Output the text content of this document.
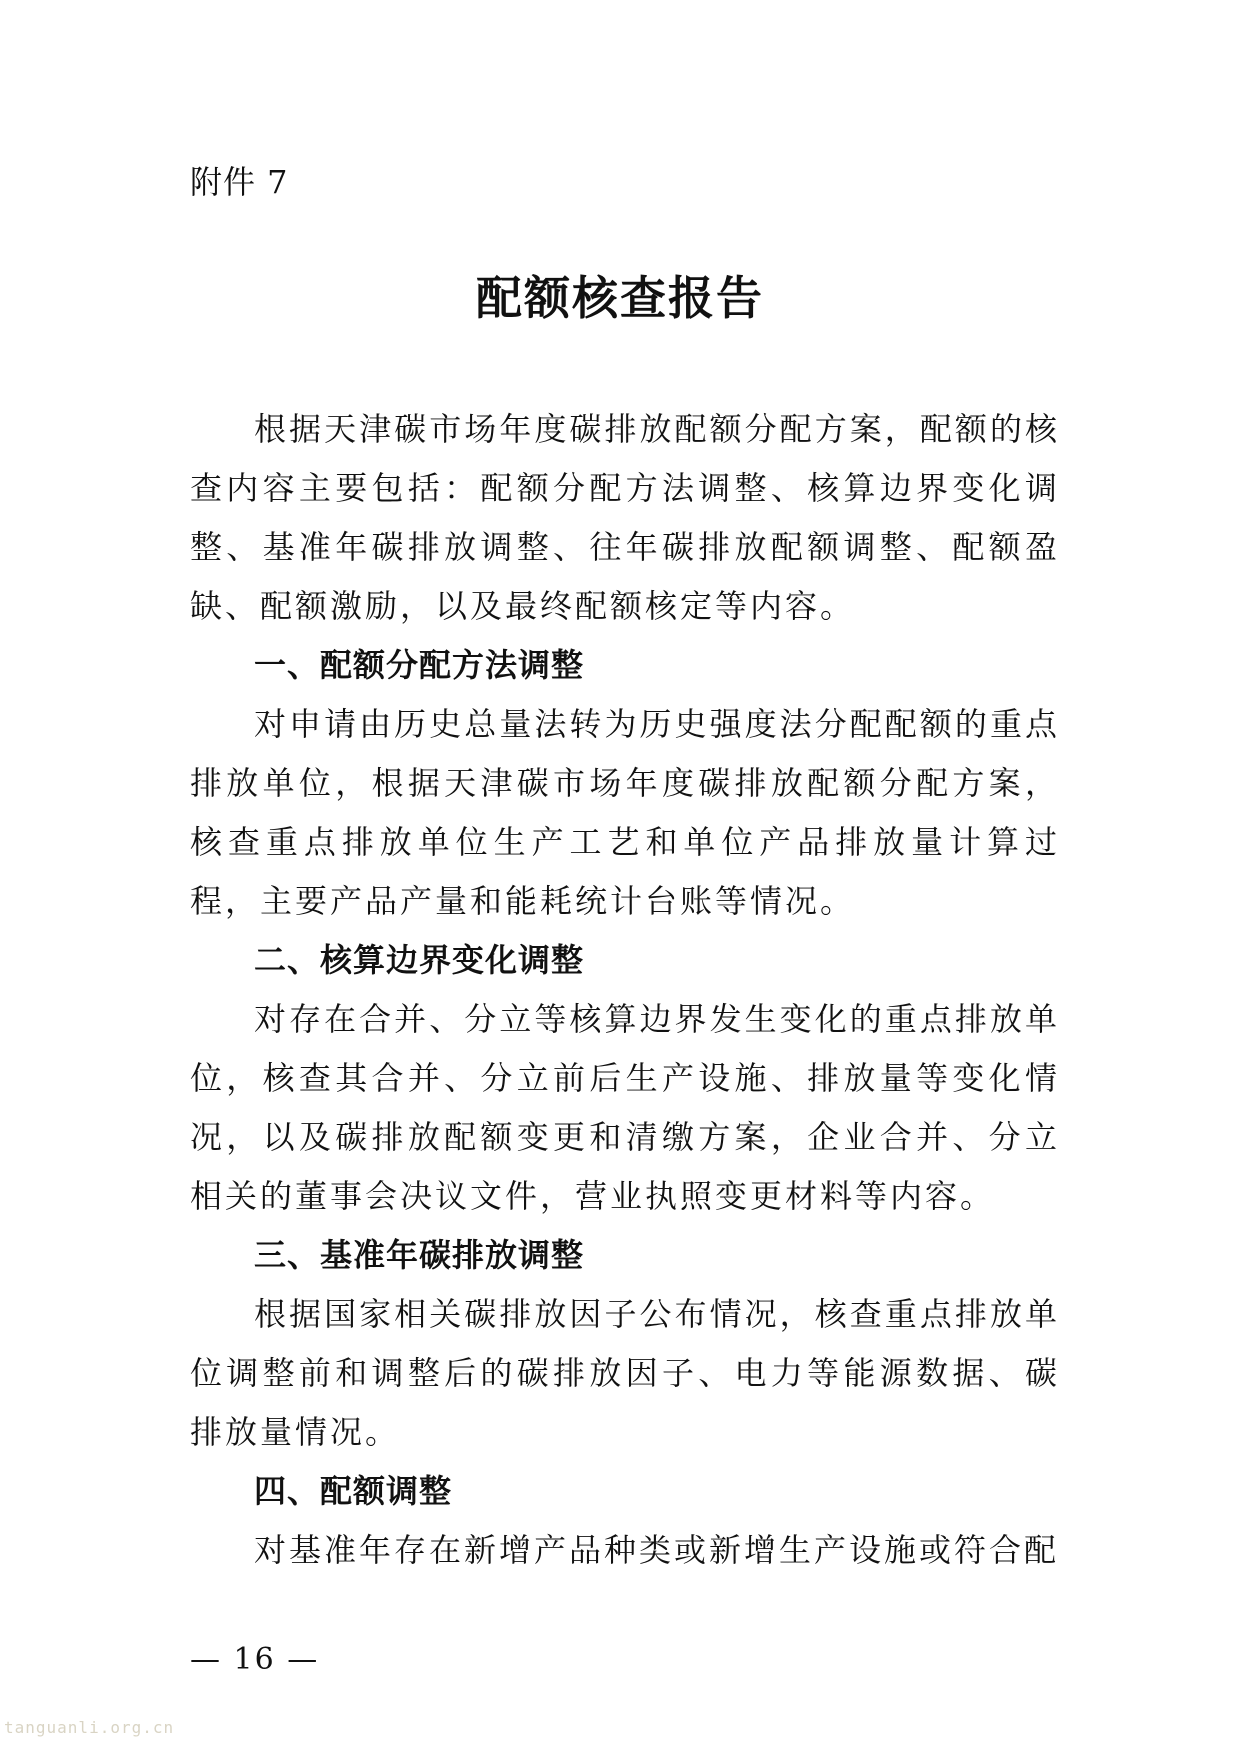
附件 7
配额核查报告

根据天津碳市场年度碳排放配额分配方案，配额的核查内容主要包括：配额分配方法调整、核算边界变化调整、基准年碳排放调整、往年碳排放配额调整、配额盈缺、配额激励，以及最终配额核定等内容。

一、配额分配方法调整

对申请由历史总量法转为历史强度法分配配额的重点排放单位，根据天津碳市场年度碳排放配额分配方案，核查重点排放单位生产工艺和单位产品排放量计算过程，主要产品产量和能耗统计台账等情况。

二、核算边界变化调整

对存在合并、分立等核算边界发生变化的重点排放单位，核查其合并、分立前后生产设施、排放量等变化情况，以及碳排放配额变更和清缴方案，企业合并、分立相关的董事会决议文件，营业执照变更材料等内容。

三、基准年碳排放调整

根据国家相关碳排放因子公布情况，核查重点排放单位调整前和调整后的碳排放因子、电力等能源数据、碳排放量情况。

四、配额调整

对基准年存在新增产品种类或新增生产设施或符合配

— 16 —
tanguanli.org.cn
